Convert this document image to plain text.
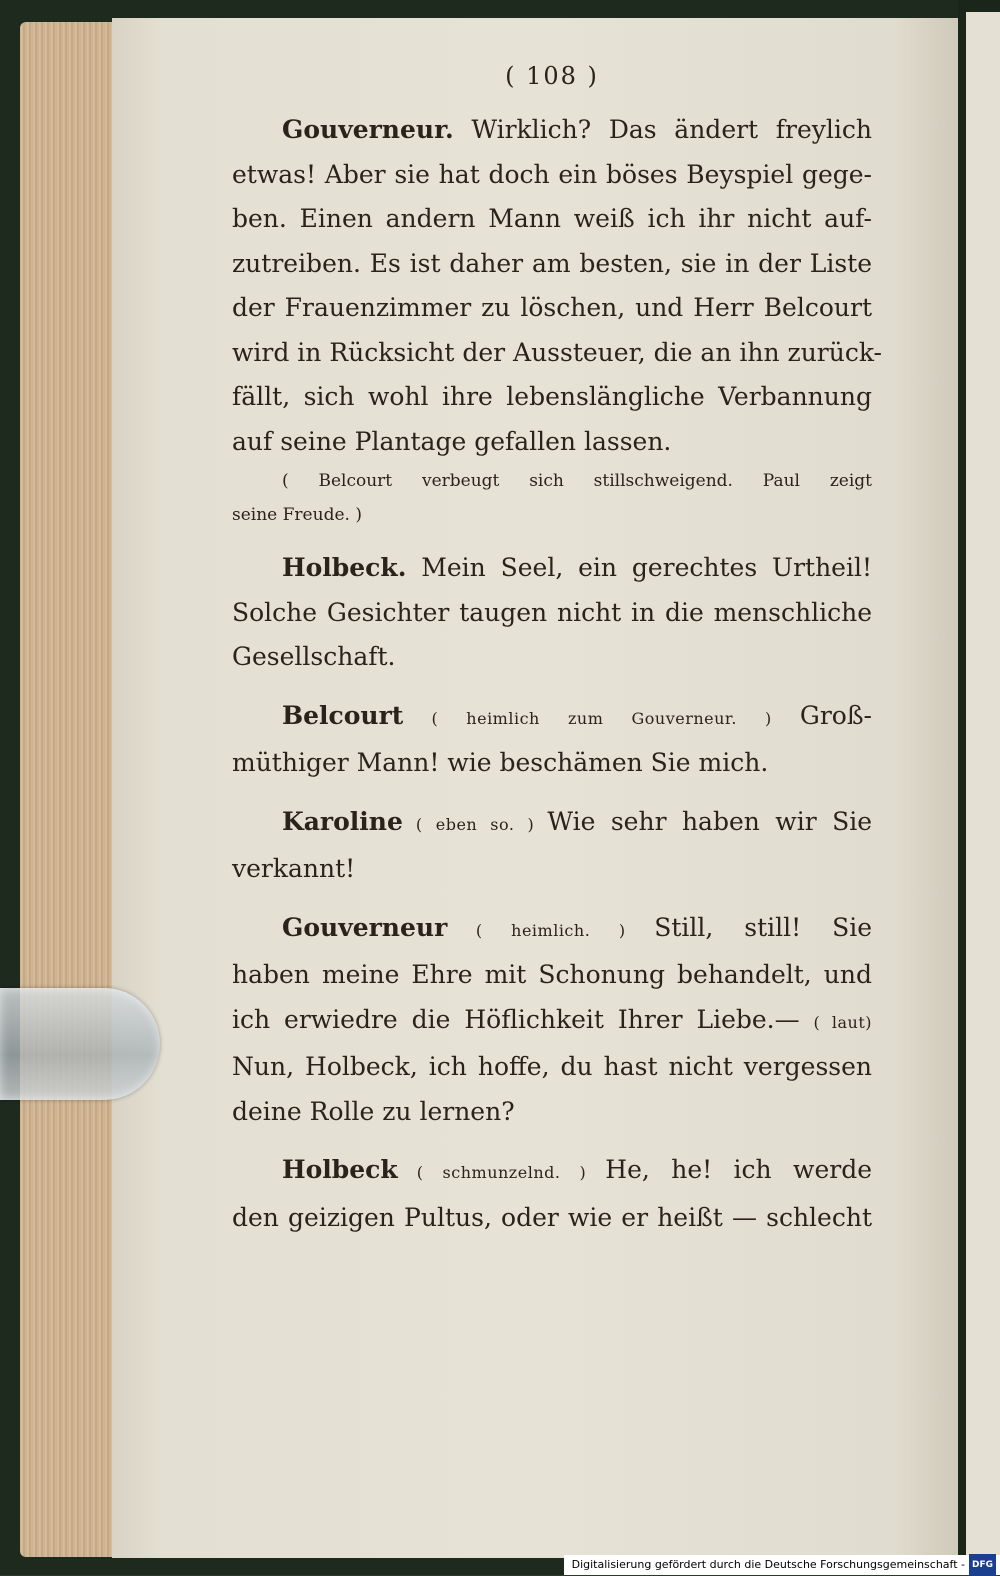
( 108 )
Gouverneur. Wirklich? Das ändert freylich
etwas! Aber sie hat doch ein böses Beyspiel gege-
ben. Einen andern Mann weiß ich ihr nicht auf-
zutreiben. Es ist daher am besten, sie in der Liste
der Frauenzimmer zu löschen, und Herr Belcourt
wird in Rücksicht der Aussteuer, die an ihn zurück-
fällt, sich wohl ihre lebenslängliche Verbannung
auf seine Plantage gefallen lassen.
( Belcourt verbeugt sich stillschweigend. Paul zeigt
seine Freude. )
Holbeck. Mein Seel, ein gerechtes Urtheil!
Solche Gesichter taugen nicht in die menschliche
Gesellschaft.
Belcourt ( heimlich zum Gouverneur. ) Groß-
müthiger Mann! wie beschämen Sie mich.
Karoline ( eben so. ) Wie sehr haben wir Sie
verkannt!
Gouverneur ( heimlich. ) Still, still! Sie
haben meine Ehre mit Schonung behandelt, und
ich erwiedre die Höflichkeit Ihrer Liebe.— ( laut)
Nun, Holbeck, ich hoffe, du hast nicht vergessen
deine Rolle zu lernen?
Holbeck ( schmunzelnd. ) He, he! ich werde
den geizigen Pultus, oder wie er heißt — schlecht
Digitalisierung gefördert durch die Deutsche Forschungsgemeinschaft - DFG
